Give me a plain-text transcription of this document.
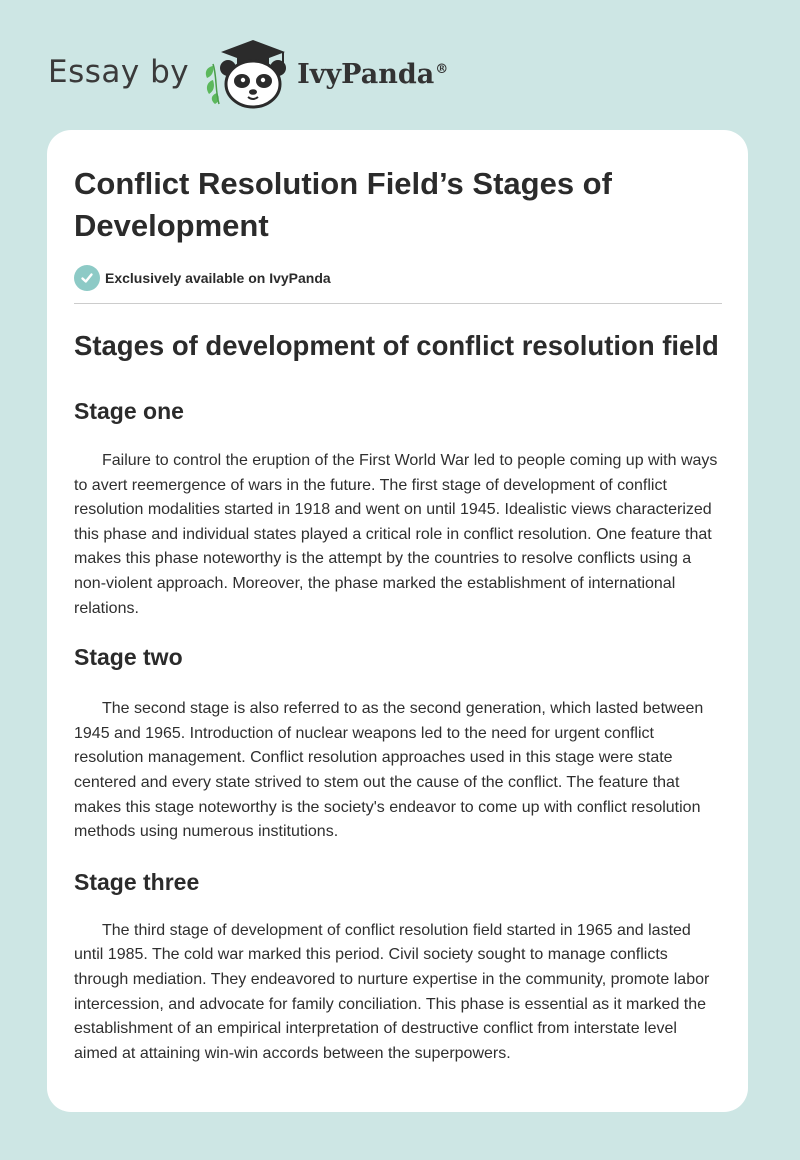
Essay by	IvyPanda®
Conflict Resolution Field’s Stages of Development
Exclusively available on IvyPanda
Stages of development of conflict resolution field
Stage one

Failure to control the eruption of the First World War led to people coming up with ways to avert reemergence of wars in the future. The first stage of development of conflict resolution modalities started in 1918 and went on until 1945. Idealistic views characterized this phase and individual states played a critical role in conflict resolution. One feature that makes this phase noteworthy is the attempt by the countries to resolve conflicts using a non-violent approach. Moreover, the phase marked the establishment of international relations.

Stage two

The second stage is also referred to as the second generation, which lasted between 1945 and 1965. Introduction of nuclear weapons led to the need for urgent conflict resolution management. Conflict resolution approaches used in this stage were state centered and every state strived to stem out the cause of the conflict. The feature that makes this stage noteworthy is the society's endeavor to come up with conflict resolution methods using numerous institutions.

Stage three

The third stage of development of conflict resolution field started in 1965 and lasted until 1985. The cold war marked this period. Civil society sought to manage conflicts through mediation. They endeavored to nurture expertise in the community, promote labor intercession, and advocate for family conciliation. This phase is essential as it marked the establishment of an empirical interpretation of destructive conflict from interstate level aimed at attaining win-win accords between the superpowers.
